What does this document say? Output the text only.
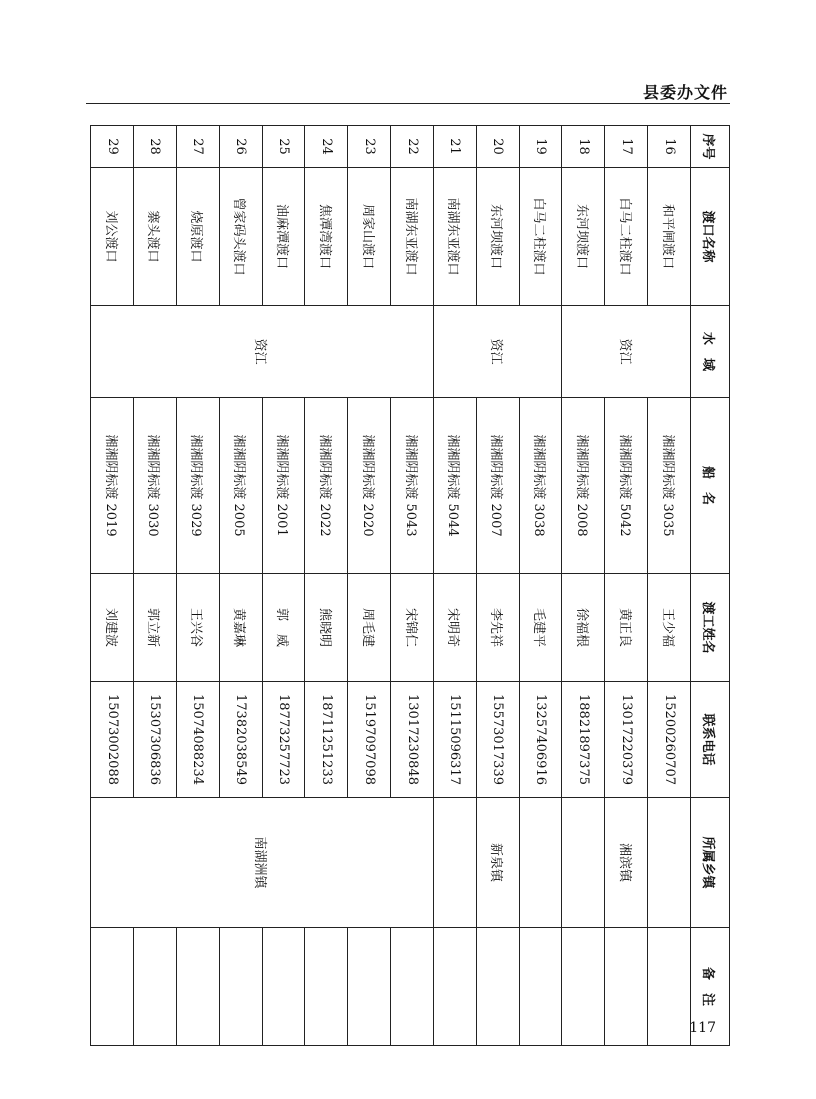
县委办文件
序号	渡口名称	水　域	船　名	渡工姓名	联系电话	所属乡镇	备　注
16	和平闸渡口	资江	湘湘阴标渡 3035	王少福	15200260707		
17	白马二柱渡口		湘湘阴标渡 5042	黄正良	13017220379	湘滨镇	
18	东河坝渡口		湘湘阴标渡 2008	徐福根	18821897375		
19	白马二柱渡口	资江	湘湘阴标渡 3038	毛建平	13257406916		
20	东河坝渡口		湘湘阴标渡 2007	李先祥	15573017339	新泉镇	
21	南湖东亚渡口		湘湘阴标渡 5044	宋明奇	15115096317		
22	南湖东亚渡口	资江	湘湘阴标渡 5043	宋锦仁	13017230848	南湖洲镇	
23	周家山渡口		湘湘阴标渡 2020	周毛建	15197097098		
24	焦潭湾渡口		湘湘阴标渡 2022	熊晓明	18711251233		
25	油麻潭渡口		湘湘阴标渡 2001	郭　威	18773257723		
26	曾家码头渡口		湘湘阴标渡 2005	黄嘉琳	17382038549		
27	烧原渡口		湘湘阴标渡 3029	王兴谷	15074088234		
28	寨头渡口		湘湘阴标渡 3030	郭立新	15307306836		
29	刘公渡口		湘湘阴标渡 2019	刘建波	15073002088		
117
